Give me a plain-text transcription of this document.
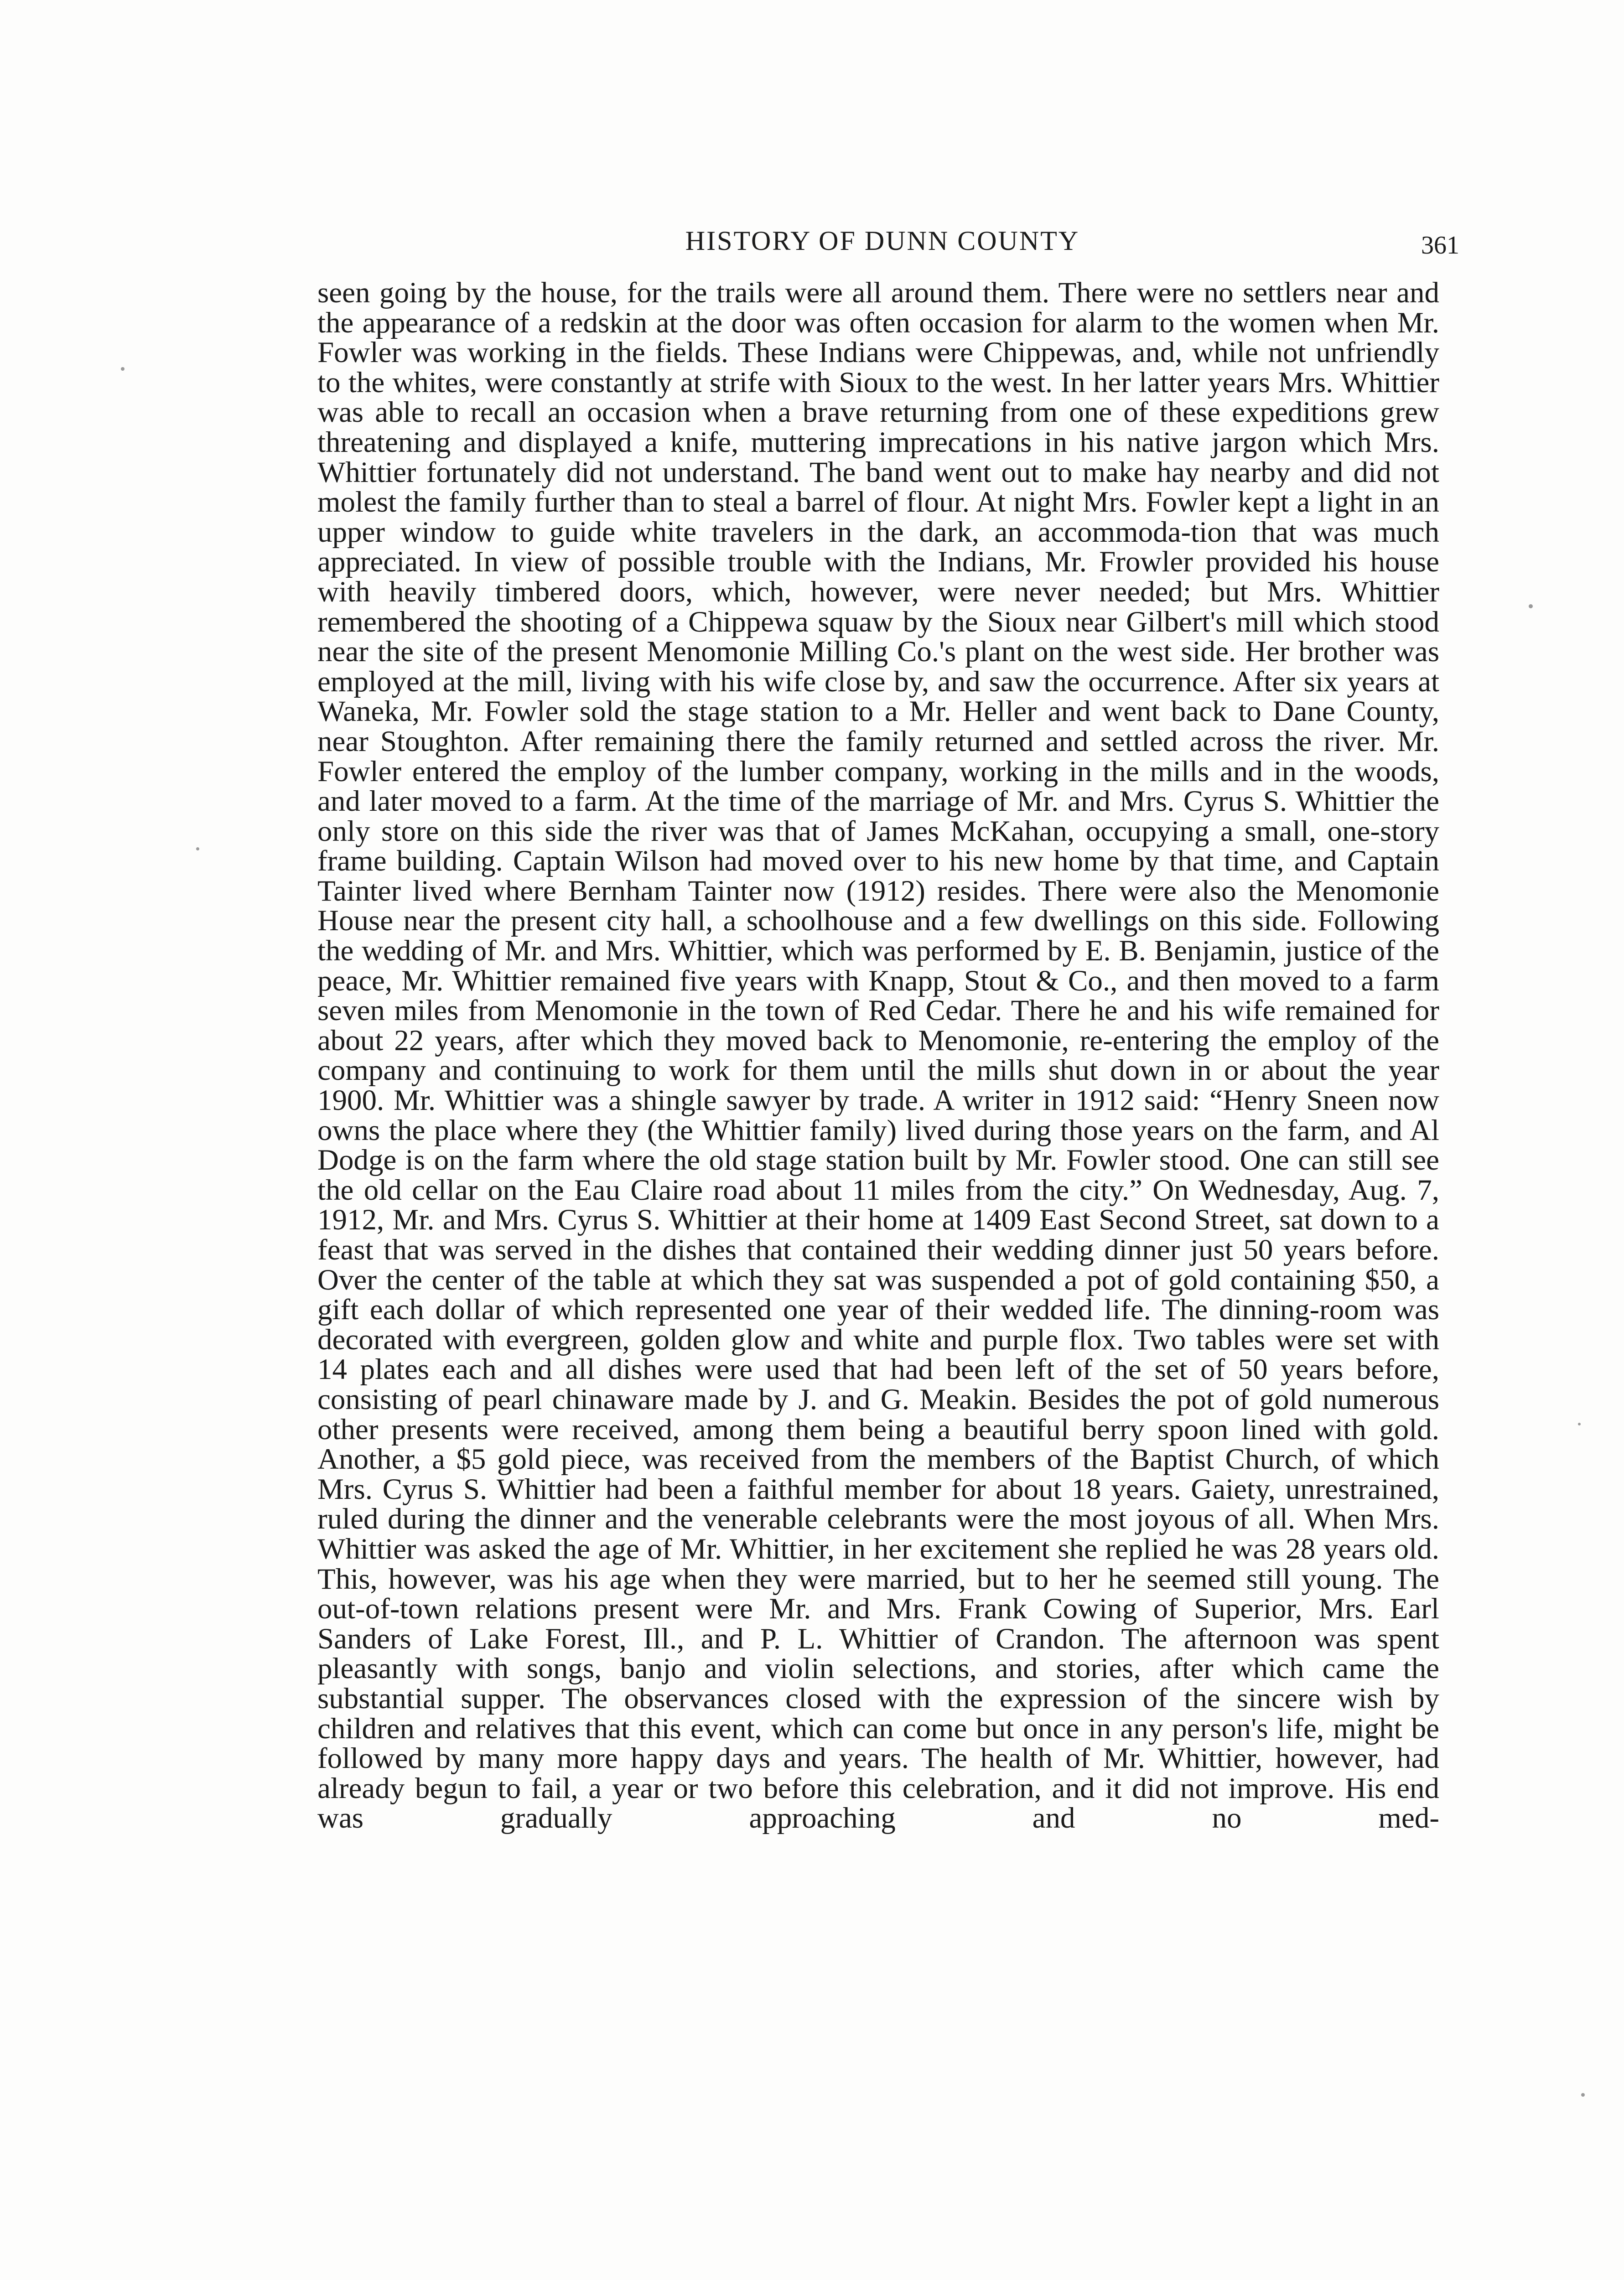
HISTORY OF DUNN COUNTY	361

seen going by the house, for the trails were all around them. There were no settlers near and the appearance of a redskin at the door was often occasion for alarm to the women when Mr. Fowler was working in the fields. These Indians were Chippewas, and, while not unfriendly to the whites, were constantly at strife with Sioux to the west. In her latter years Mrs. Whittier was able to recall an occasion when a brave returning from one of these expeditions grew threatening and displayed a knife, muttering imprecations in his native jargon which Mrs. Whittier fortunately did not understand. The band went out to make hay nearby and did not molest the family further than to steal a barrel of flour. At night Mrs. Fowler kept a light in an upper window to guide white travelers in the dark, an accommoda-tion that was much appreciated. In view of possible trouble with the Indians, Mr. Frowler provided his house with heavily timbered doors, which, however, were never needed; but Mrs. Whittier remembered the shooting of a Chippewa squaw by the Sioux near Gilbert's mill which stood near the site of the present Menomonie Milling Co.'s plant on the west side. Her brother was employed at the mill, living with his wife close by, and saw the occurrence. After six years at Waneka, Mr. Fowler sold the stage station to a Mr. Heller and went back to Dane County, near Stoughton. After remaining there the family returned and settled across the river. Mr. Fowler entered the employ of the lumber company, working in the mills and in the woods, and later moved to a farm. At the time of the marriage of Mr. and Mrs. Cyrus S. Whittier the only store on this side the river was that of James McKahan, occupying a small, one-story frame building. Captain Wilson had moved over to his new home by that time, and Captain Tainter lived where Bernham Tainter now (1912) resides. There were also the Menomonie House near the present city hall, a schoolhouse and a few dwellings on this side. Following the wedding of Mr. and Mrs. Whittier, which was performed by E. B. Benjamin, justice of the peace, Mr. Whittier remained five years with Knapp, Stout & Co., and then moved to a farm seven miles from Menomonie in the town of Red Cedar. There he and his wife remained for about 22 years, after which they moved back to Menomonie, re-entering the employ of the company and continuing to work for them until the mills shut down in or about the year 1900. Mr. Whittier was a shingle sawyer by trade. A writer in 1912 said: “Henry Sneen now owns the place where they (the Whittier family) lived during those years on the farm, and Al Dodge is on the farm where the old stage station built by Mr. Fowler stood. One can still see the old cellar on the Eau Claire road about 11 miles from the city.” On Wednesday, Aug. 7, 1912, Mr. and Mrs. Cyrus S. Whittier at their home at 1409 East Second Street, sat down to a feast that was served in the dishes that contained their wedding dinner just 50 years before. Over the center of the table at which they sat was suspended a pot of gold containing $50, a gift each dollar of which represented one year of their wedded life. The dinning-room was decorated with evergreen, golden glow and white and purple flox. Two tables were set with 14 plates each and all dishes were used that had been left of the set of 50 years before, consisting of pearl chinaware made by J. and G. Meakin. Besides the pot of gold numerous other presents were received, among them being a beautiful berry spoon lined with gold. Another, a $5 gold piece, was received from the members of the Baptist Church, of which Mrs. Cyrus S. Whittier had been a faithful member for about 18 years. Gaiety, unrestrained, ruled during the dinner and the venerable celebrants were the most joyous of all. When Mrs. Whittier was asked the age of Mr. Whittier, in her excitement she replied he was 28 years old. This, however, was his age when they were married, but to her he seemed still young. The out-of-town relations present were Mr. and Mrs. Frank Cowing of Superior, Mrs. Earl Sanders of Lake Forest, Ill., and P. L. Whittier of Crandon. The afternoon was spent pleasantly with songs, banjo and violin selections, and stories, after which came the substantial supper. The observances closed with the expression of the sincere wish by children and relatives that this event, which can come but once in any person's life, might be followed by many more happy days and years. The health of Mr. Whittier, however, had already begun to fail, a year or two before this celebration, and it did not improve. His end was gradually approaching and no med-
